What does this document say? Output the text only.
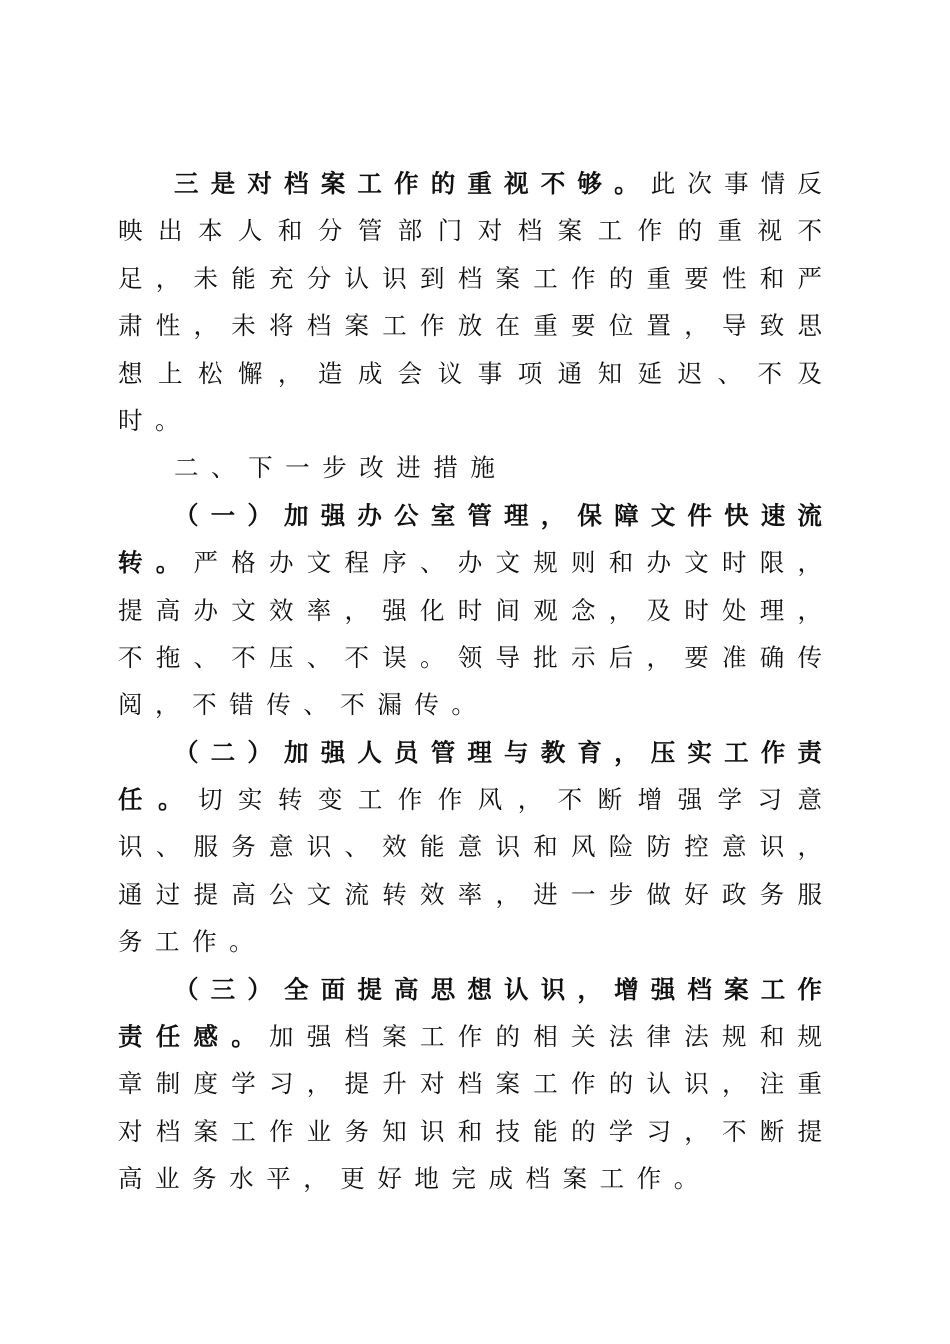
三 是 对 档 案 工 作 的 重 视 不 够 。 此 次 事 情 反
映 出 本 人 和 分 管 部 门 对 档 案 工 作 的 重 视 不
足 ， 未 能 充 分 认 识 到 档 案 工 作 的 重 要 性 和 严
肃 性 ， 未 将 档 案 工 作 放 在 重 要 位 置 ， 导 致 思
想 上 松 懈 ， 造 成 会 议 事 项 通 知 延 迟 、 不 及
时 。
二 、 下 一 步 改 进 措 施
（ 一 ） 加 强 办 公 室 管 理 ， 保 障 文 件 快 速 流
转 。 严 格 办 文 程 序 、 办 文 规 则 和 办 文 时 限 ，
提 高 办 文 效 率 ， 强 化 时 间 观 念 ， 及 时 处 理 ，
不 拖 、 不 压 、 不 误 。 领 导 批 示 后 ， 要 准 确 传
阅 ， 不 错 传 、 不 漏 传 。
（ 二 ） 加 强 人 员 管 理 与 教 育 ， 压 实 工 作 责
任 。 切 实 转 变 工 作 作 风 ， 不 断 增 强 学 习 意
识 、 服 务 意 识 、 效 能 意 识 和 风 险 防 控 意 识 ，
通 过 提 高 公 文 流 转 效 率 ， 进 一 步 做 好 政 务 服
务 工 作 。
（ 三 ） 全 面 提 高 思 想 认 识 ， 增 强 档 案 工 作
责 任 感 。 加 强 档 案 工 作 的 相 关 法 律 法 规 和 规
章 制 度 学 习 ， 提 升 对 档 案 工 作 的 认 识 ， 注 重
对 档 案 工 作 业 务 知 识 和 技 能 的 学 习 ， 不 断 提
高 业 务 水 平 ， 更 好 地 完 成 档 案 工 作 。
